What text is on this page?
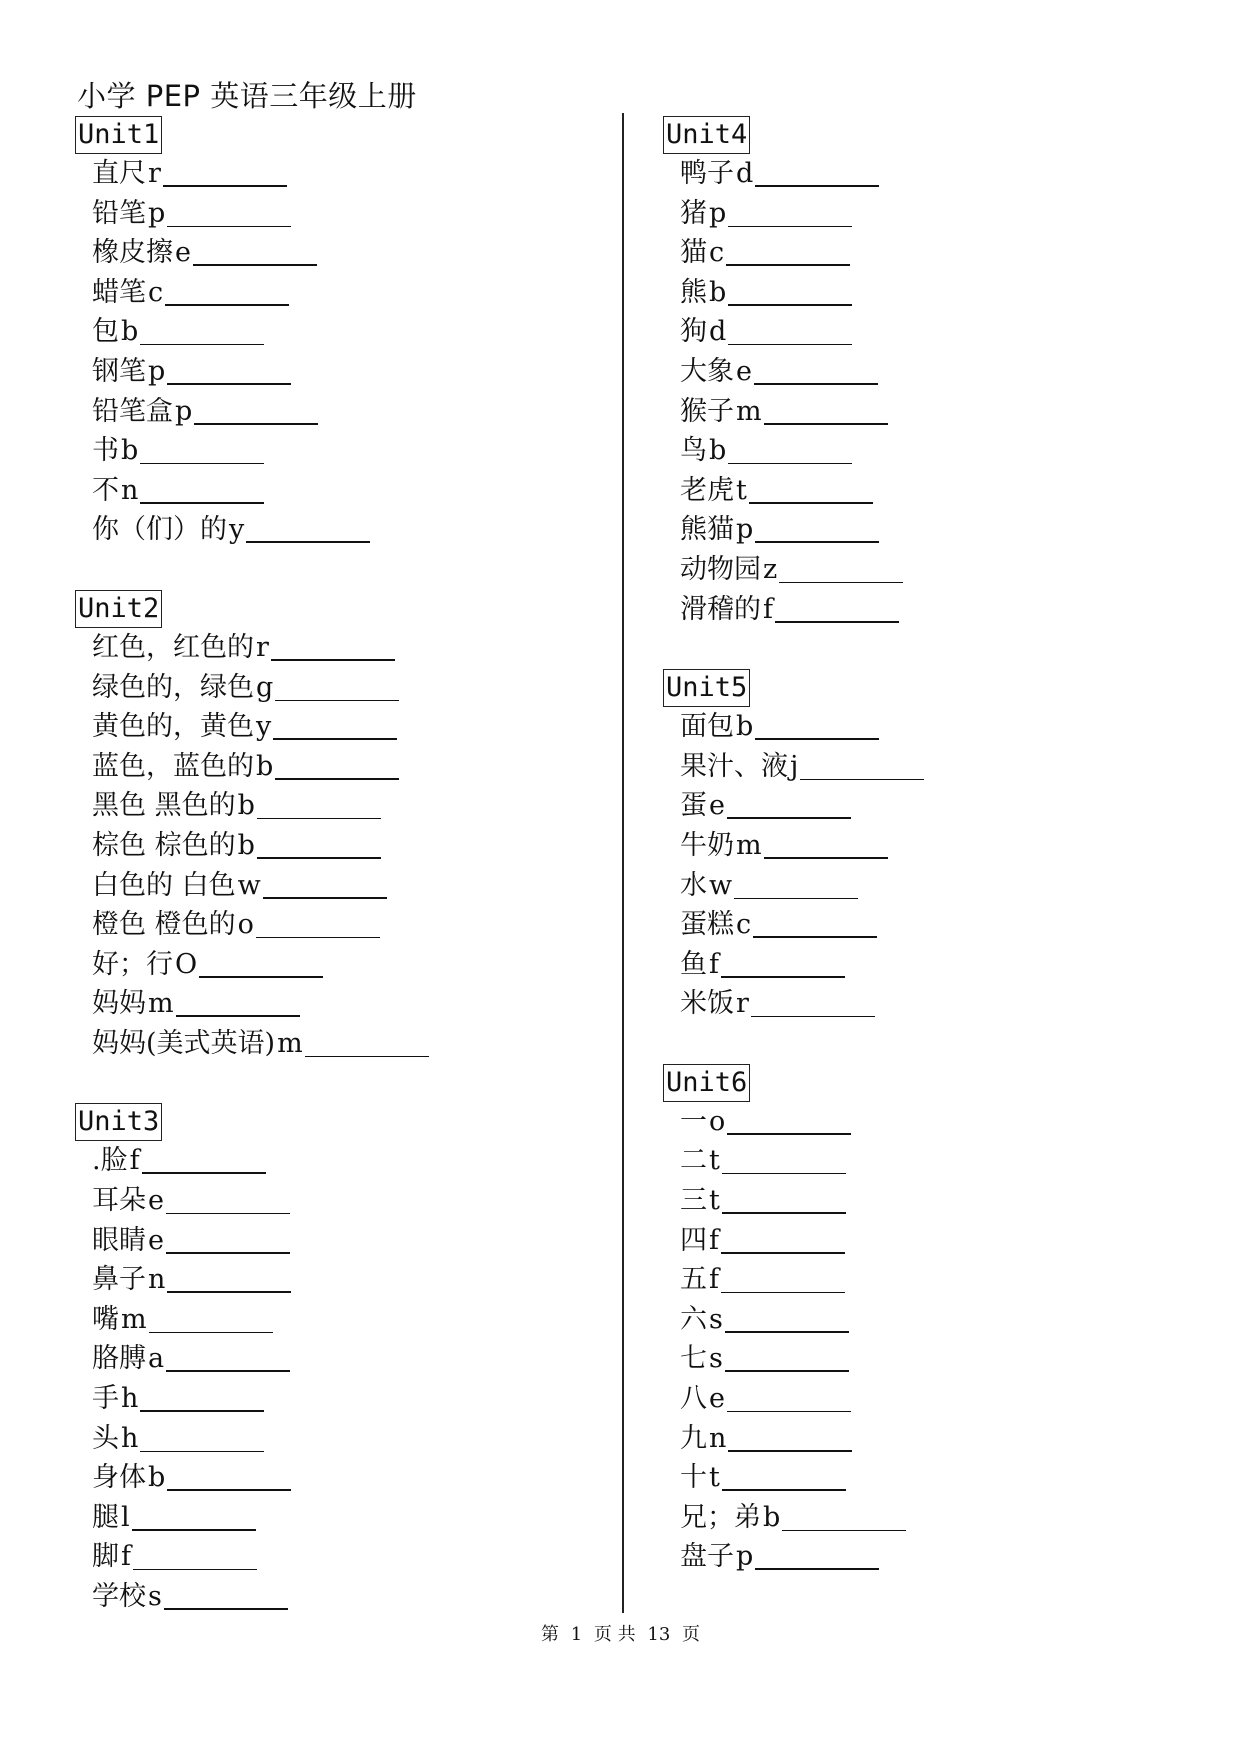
小学 PEP 英语三年级上册
Unit1
直尺r
铅笔p
橡皮擦e
蜡笔c
包b
钢笔p
铅笔盒p
书b
不n
你（们）的y
Unit2
红色，红色的r
绿色的，绿色g
黄色的，黄色y
蓝色，蓝色的b
黑色 黑色的b
棕色 棕色的b
白色的 白色w
橙色 橙色的o
好；行O
妈妈m
妈妈(美式英语)m
Unit3
.脸f
耳朵e
眼睛e
鼻子n
嘴m
胳膊a
手h
头h
身体b
腿l
脚f
学校s
Unit4
鸭子d
猪p
猫c
熊b
狗d
大象e
猴子m
鸟b
老虎t
熊猫p
动物园z
滑稽的f
Unit5
面包b
果汁、液j
蛋e
牛奶m
水w
蛋糕c
鱼f
米饭r
Unit6
一o
二t
三t
四f
五f
六s
七s
八e
九n
十t
兄；弟b
盘子p
第 1 页 共 13 页
